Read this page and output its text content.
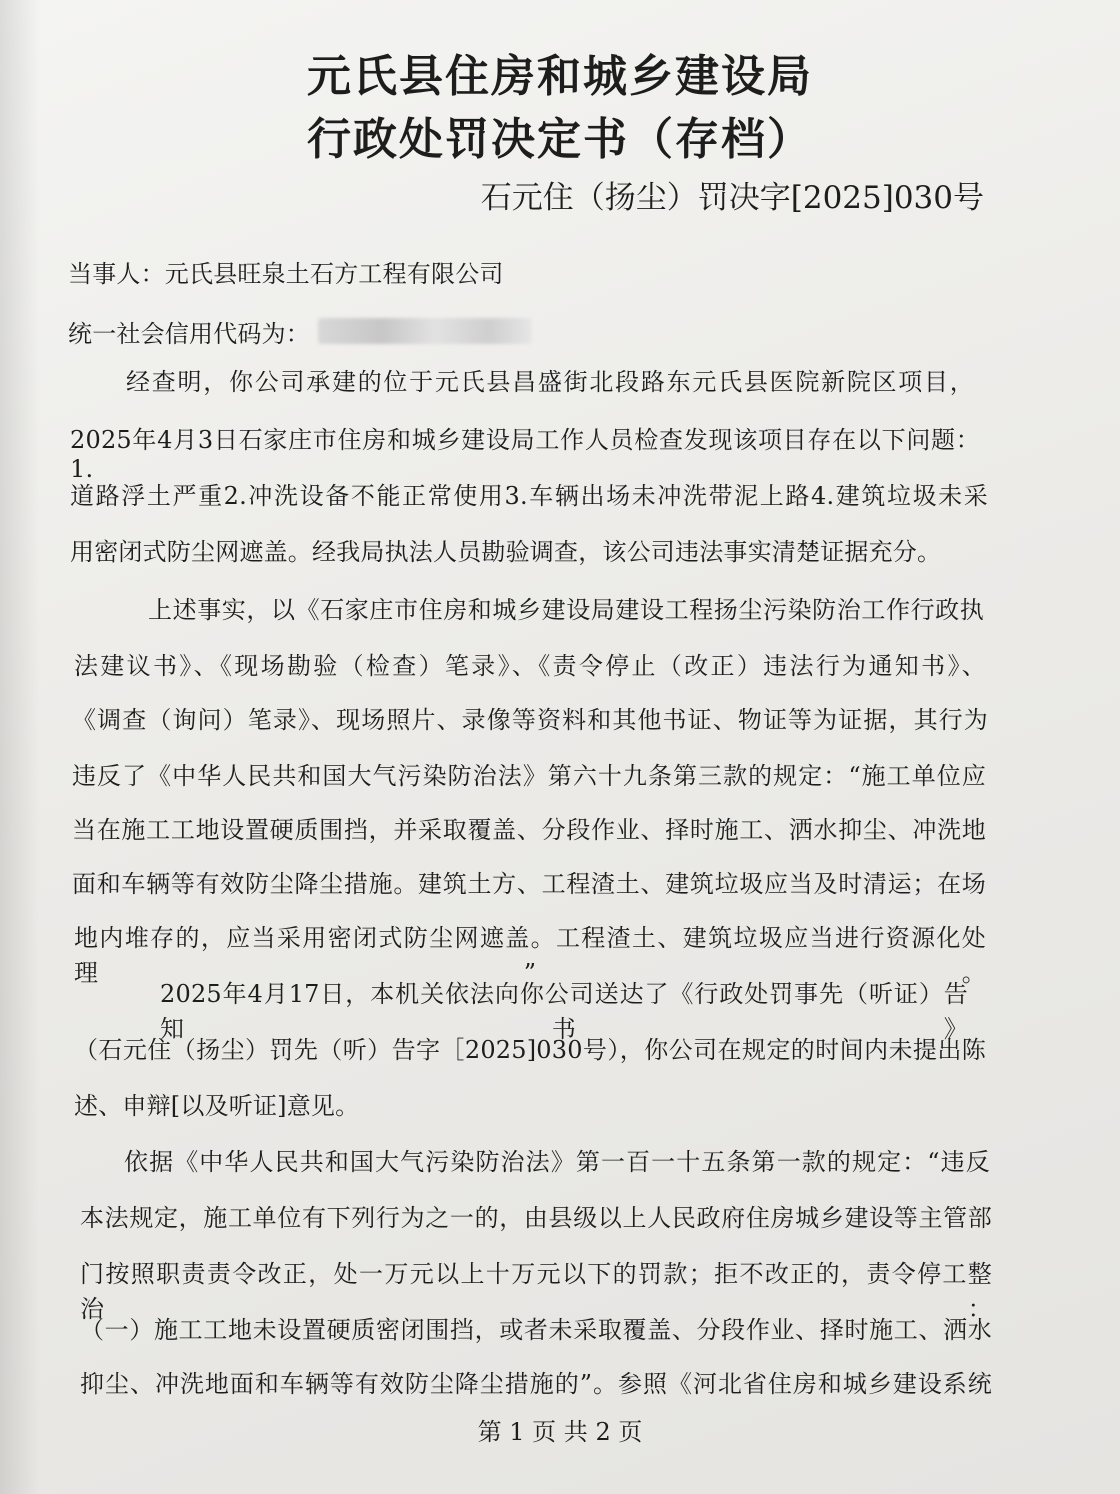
元氏县住房和城乡建设局
行政处罚决定书（存档）
石元住（扬尘）罚决字[2025]030号
当事人：元氏县旺泉土石方工程有限公司
统一社会信用代码为：
经查明，你公司承建的位于元氏县昌盛街北段路东元氏县医院新院区项目，
2025年4月3日石家庄市住房和城乡建设局工作人员检查发现该项目存在以下问题：1.
道路浮土严重2.冲洗设备不能正常使用3.车辆出场未冲洗带泥上路4.建筑垃圾未采
用密闭式防尘网遮盖。经我局执法人员勘验调查，该公司违法事实清楚证据充分。
上述事实，以《石家庄市住房和城乡建设局建设工程扬尘污染防治工作行政执
法建议书》、《现场勘验（检查）笔录》、《责令停止（改正）违法行为通知书》、
《调查（询问）笔录》、现场照片、录像等资料和其他书证、物证等为证据，其行为
违反了《中华人民共和国大气污染防治法》第六十九条第三款的规定：“施工单位应
当在施工工地设置硬质围挡，并采取覆盖、分段作业、择时施工、洒水抑尘、冲洗地
面和车辆等有效防尘降尘措施。建筑土方、工程渣土、建筑垃圾应当及时清运；在场
地内堆存的，应当采用密闭式防尘网遮盖。工程渣土、建筑垃圾应当进行资源化处理”。
2025年4月17日，本机关依法向你公司送达了《行政处罚事先（听证）告知书》
（石元住（扬尘）罚先（听）告字［2025]030号），你公司在规定的时间内未提出陈
述、申辩[以及听证]意见。
依据《中华人民共和国大气污染防治法》第一百一十五条第一款的规定：“违反
本法规定，施工单位有下列行为之一的，由县级以上人民政府住房城乡建设等主管部
门按照职责责令改正，处一万元以上十万元以下的罚款；拒不改正的，责令停工整治：
（一）施工工地未设置硬质密闭围挡，或者未采取覆盖、分段作业、择时施工、洒水
抑尘、冲洗地面和车辆等有效防尘降尘措施的”。参照《河北省住房和城乡建设系统
第 1 页 共 2 页
